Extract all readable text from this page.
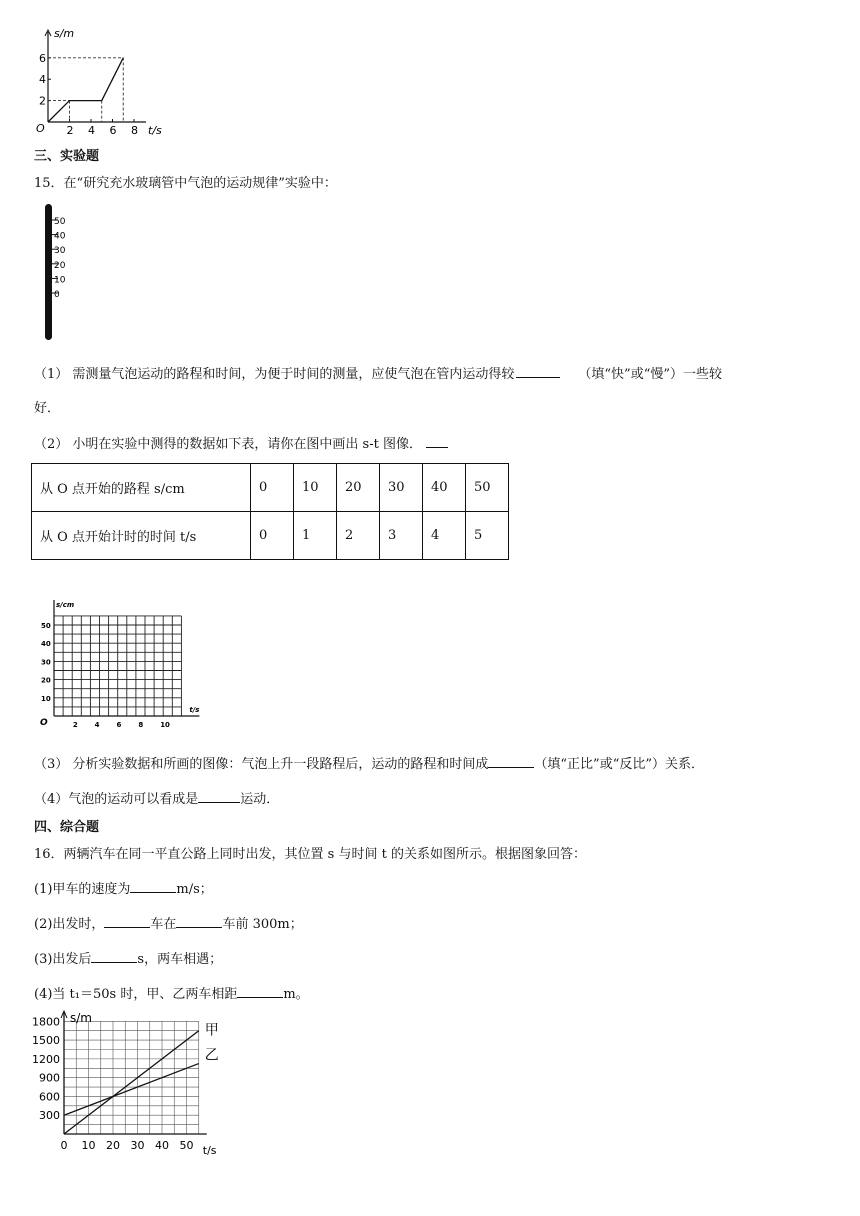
s/m
t/s
O
2
4
6
2 4 6 8
三、实验题
15．在“研究充水玻璃管中气泡的运动规律”实验中：
50
40
30
20
10
0
（1） 需测量气泡运动的路程和时间，为便于时间的测量，应使气泡在管内运动得较	（填“快”或“慢”）一些较
好．
（2） 小明在实验中测得的数据如下表，请你在图中画出 s-t 图像．
从 O 点开始的路程 s/cm	0	10	20	30	40	50
从 O 点开始计时的时间 t/s	0	1	2	3	4	5
s/cm
t/s
O
10
20
30
40
50
2 4 6 8 10
（3） 分析实验数据和所画的图像：气泡上升一段路程后，运动的路程和时间成	（填“正比”或“反比”）关系．
（4）气泡的运动可以看成是	运动．
四、综合题
16．两辆汽车在同一平直公路上同时出发，其位置 s 与时间 t 的关系如图所示。根据图象回答：
(1)甲车的速度为	m/s；
(2)出发时，	车在	车前 300m；
(3)出发后	s，两车相遇；
(4)当 t₁＝50s 时，甲、乙两车相距	m。
s/m
t/s
300
600
900
1200
1500
1800
0 10 20 30 40 50
甲
乙
